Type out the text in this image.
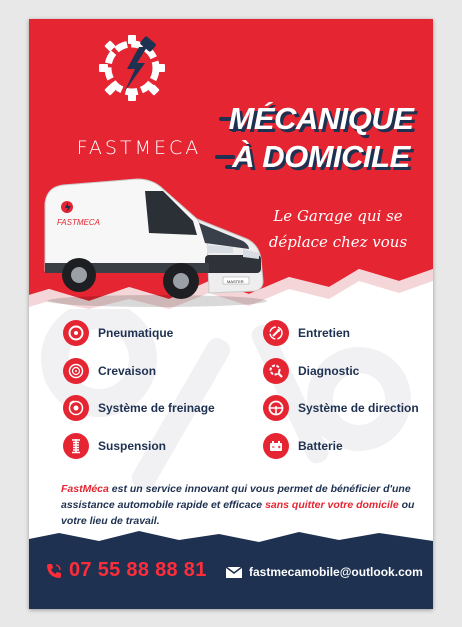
FASTMECA
MÉCANIQUE
À DOMICILE
Le Garage qui se
déplace chez vous
FASTMECA
MASTER
Pneumatique
Crevaison
Système de freinage
Suspension
Entretien
Diagnostic
Système de direction
Batterie
FastMéca est un service innovant qui vous permet de bénéficier d'une assistance automobile rapide et efficace sans quitter votre domicile ou votre lieu de travail.
07 55 88 88 81	fastmecamobile@outlook.com
